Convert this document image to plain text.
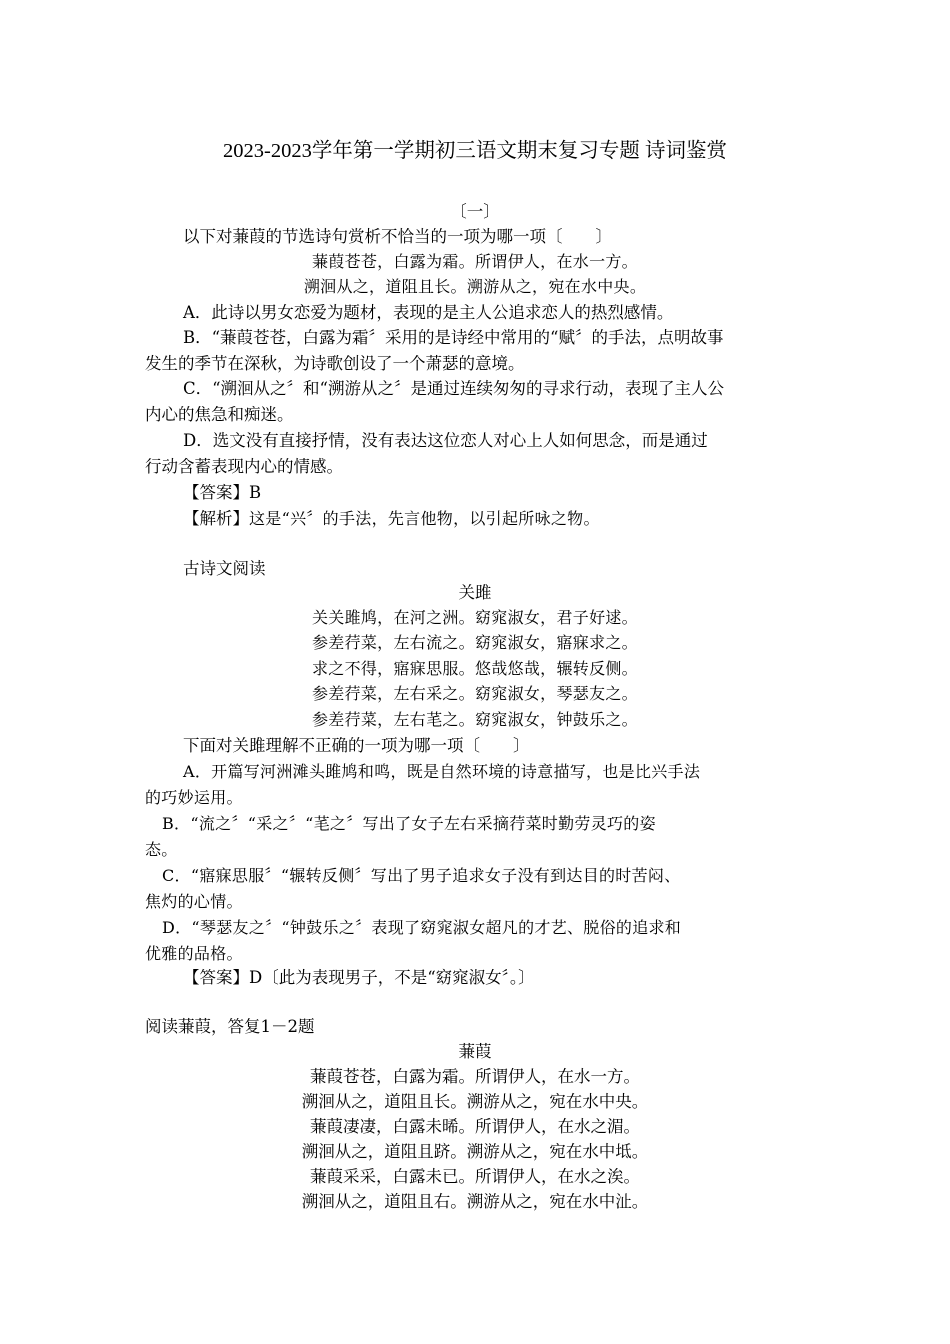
2023-2023学年第一学期初三语文期末复习专题 诗词鉴赏
〔一〕
以下对蒹葭的节选诗句赏析不恰当的一项为哪一项〔　　〕
蒹葭苍苍，白露为霜。所谓伊人，在水一方。
溯洄从之，道阻且长。溯游从之，宛在水中央。
A．此诗以男女恋爱为题材，表现的是主人公追求恋人的热烈感情。
B．“蒹葭苍苍，白露为霜〞采用的是诗经中常用的“赋〞的手法，点明故事
发生的季节在深秋，为诗歌创设了一个萧瑟的意境。
C．“溯洄从之〞和“溯游从之〞是通过连续匆匆的寻求行动，表现了主人公
内心的焦急和痴迷。
D．选文没有直接抒情，没有表达这位恋人对心上人如何思念，而是通过
行动含蓄表现内心的情感。
【答案】B
【解析】这是“兴〞的手法，先言他物，以引起所咏之物。
古诗文阅读
关雎
关关雎鸠，在河之洲。窈窕淑女，君子好逑。
参差荇菜，左右流之。窈窕淑女，寤寐求之。
求之不得，寤寐思服。悠哉悠哉，辗转反侧。
参差荇菜，左右采之。窈窕淑女，琴瑟友之。
参差荇菜，左右芼之。窈窕淑女，钟鼓乐之。
下面对关雎理解不正确的一项为哪一项〔　　〕
A．开篇写河洲滩头雎鸠和鸣，既是自然环境的诗意描写，也是比兴手法
的巧妙运用。
B．“流之〞“采之〞“芼之〞写出了女子左右采摘荇菜时勤劳灵巧的姿
态。
C．“寤寐思服〞“辗转反侧〞写出了男子追求女子没有到达目的时苦闷、
焦灼的心情。
D．“琴瑟友之〞“钟鼓乐之〞表现了窈窕淑女超凡的才艺、脱俗的追求和
优雅的品格。
【答案】D〔此为表现男子，不是“窈窕淑女〞。〕
阅读蒹葭，答复1－2题
蒹葭
蒹葭苍苍，白露为霜。所谓伊人，在水一方。
溯洄从之，道阻且长。溯游从之，宛在水中央。
蒹葭凄凄，白露未晞。所谓伊人，在水之湄。
溯洄从之，道阻且跻。溯游从之，宛在水中坻。
蒹葭采采，白露未已。所谓伊人，在水之涘。
溯洄从之，道阻且右。溯游从之，宛在水中沚。
